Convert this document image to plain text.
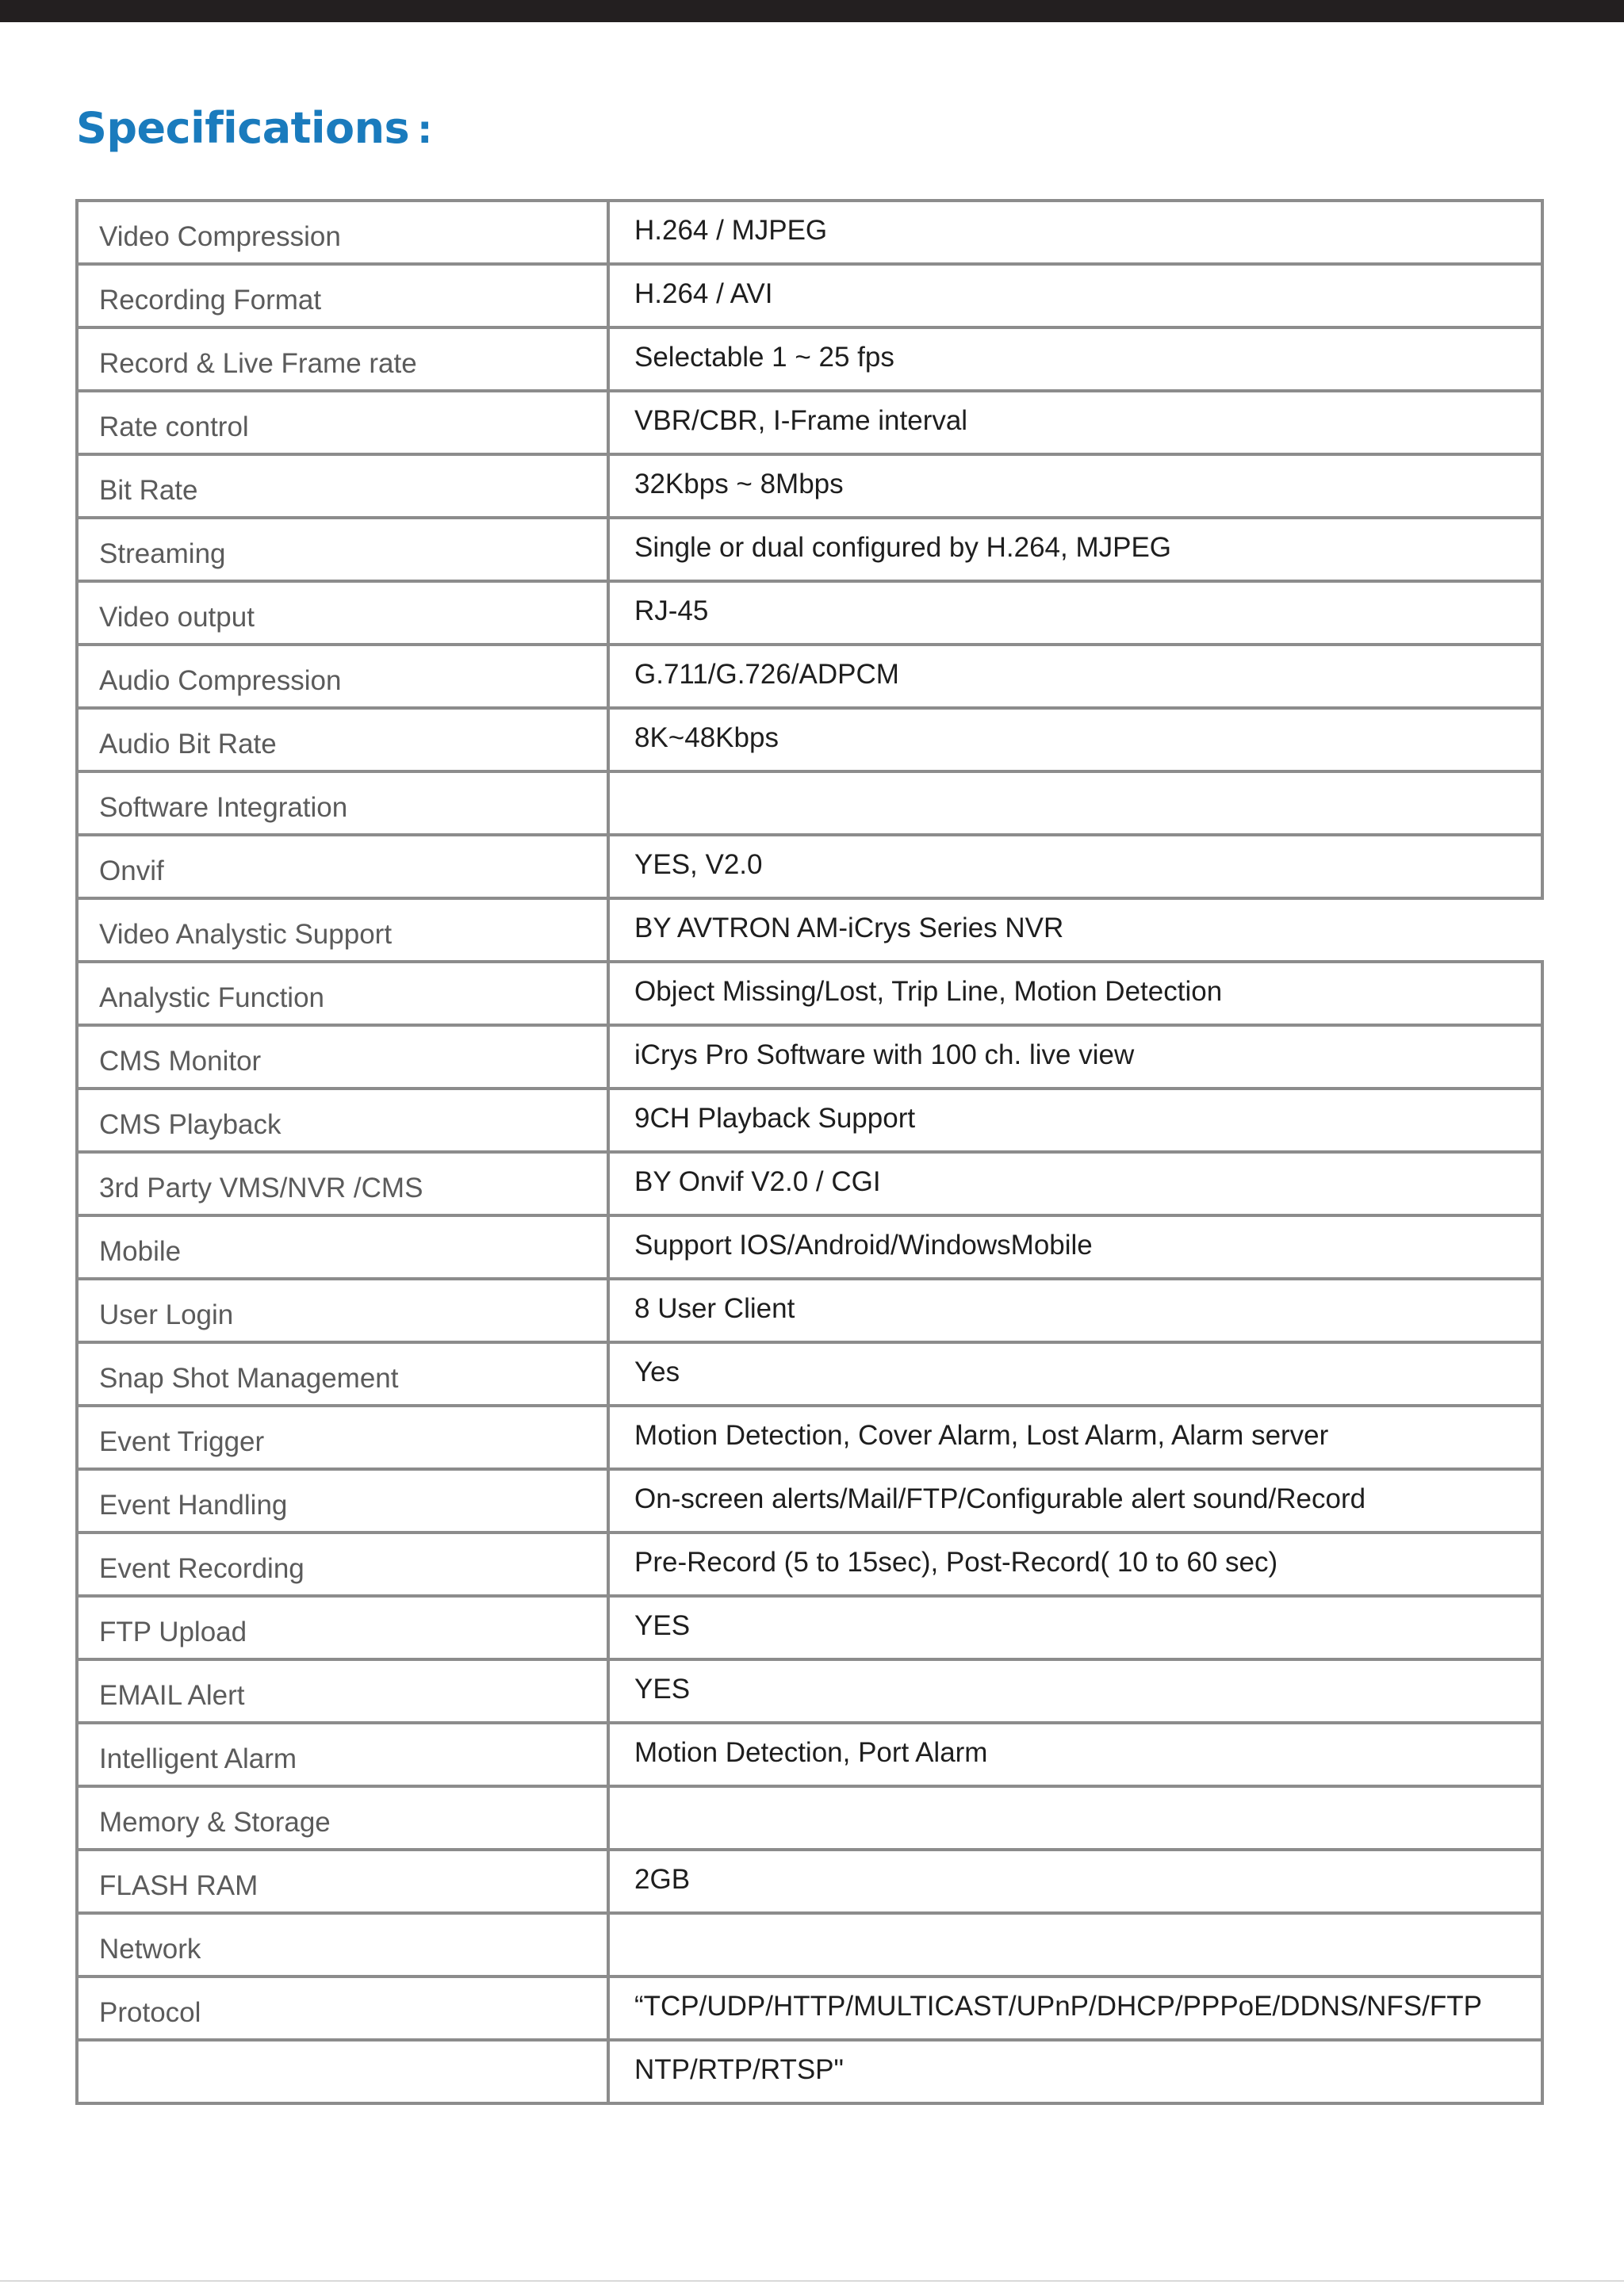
Specifications :
Video Compression	H.264 / MJPEG
Recording Format	H.264 / AVI
Record & Live Frame rate	Selectable 1 ~ 25 fps
Rate control	VBR/CBR, I-Frame interval
Bit Rate	32Kbps ~ 8Mbps
Streaming	Single or dual configured by H.264, MJPEG
Video output	RJ-45
Audio Compression	G.711/G.726/ADPCM
Audio Bit Rate	8K~48Kbps
Software Integration	
Onvif	YES, V2.0
Video Analystic Support	BY AVTRON AM-iCrys Series NVR
Analystic Function	Object Missing/Lost, Trip Line, Motion Detection
CMS Monitor	iCrys Pro Software with 100 ch. live view
CMS Playback	9CH Playback Support
3rd Party VMS/NVR /CMS	BY Onvif V2.0 / CGI
Mobile	Support IOS/Android/WindowsMobile
User Login	8 User Client
Snap Shot Management	Yes
Event Trigger	Motion Detection, Cover Alarm, Lost Alarm, Alarm server
Event Handling	On-screen alerts/Mail/FTP/Configurable alert sound/Record
Event Recording	Pre-Record (5 to 15sec), Post-Record( 10 to 60 sec)
FTP Upload	YES
EMAIL Alert	YES
Intelligent Alarm	Motion Detection, Port Alarm
Memory & Storage	
FLASH RAM	2GB
Network	
Protocol	“TCP/UDP/HTTP/MULTICAST/UPnP/DHCP/PPPoE/DDNS/NFS/FTP
	NTP/RTP/RTSP"
